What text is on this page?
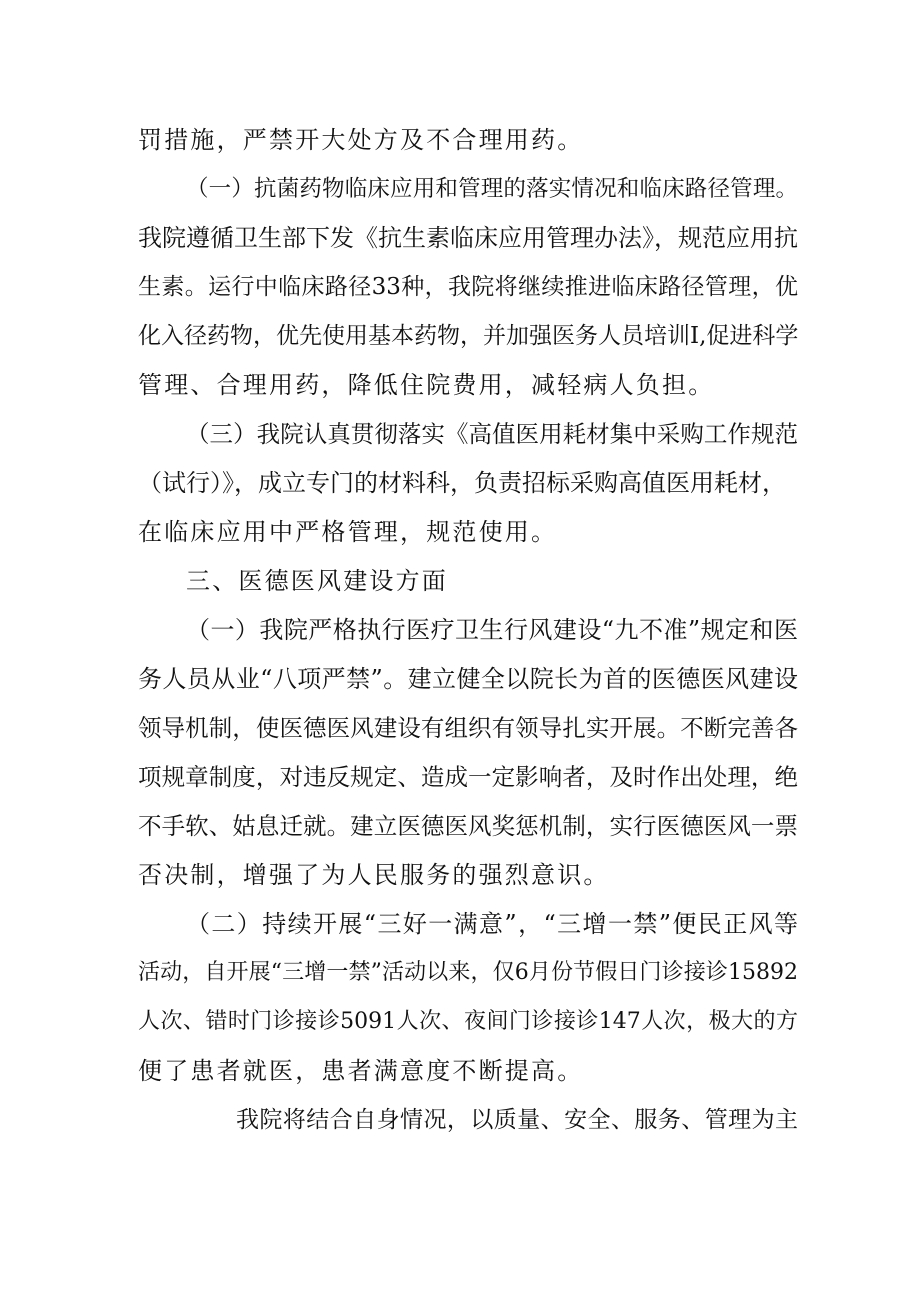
罚措施，严禁开大处方及不合理用药。
（一）抗菌药物临床应用和管理的落实情况和临床路径管理。
我院遵循卫生部下发《抗生素临床应用管理办法》，规范应用抗
生素。运行中临床路径33种，我院将继续推进临床路径管理，优
化入径药物，优先使用基本药物，并加强医务人员培训I,促进科学
管理、合理用药，降低住院费用，减轻病人负担。
（三）我院认真贯彻落实《高值医用耗材集中采购工作规范
（试行）》，成立专门的材料科，负责招标采购高值医用耗材，
在临床应用中严格管理，规范使用。
三、医德医风建设方面
（一）我院严格执行医疗卫生行风建设“九不准”规定和医
务人员从业“八项严禁”。建立健全以院长为首的医德医风建设
领导机制，使医德医风建设有组织有领导扎实开展。不断完善各
项规章制度，对违反规定、造成一定影响者，及时作出处理，绝
不手软、姑息迁就。建立医德医风奖惩机制，实行医德医风一票
否决制，增强了为人民服务的强烈意识。
（二）持续开展“三好一满意”，“三增一禁”便民正风等
活动，自开展“三增一禁”活动以来，仅6月份节假日门诊接诊15892
人次、错时门诊接诊5091人次、夜间门诊接诊147人次，极大的方
便了患者就医，患者满意度不断提高。
我院将结合自身情况，以质量、安全、服务、管理为主
